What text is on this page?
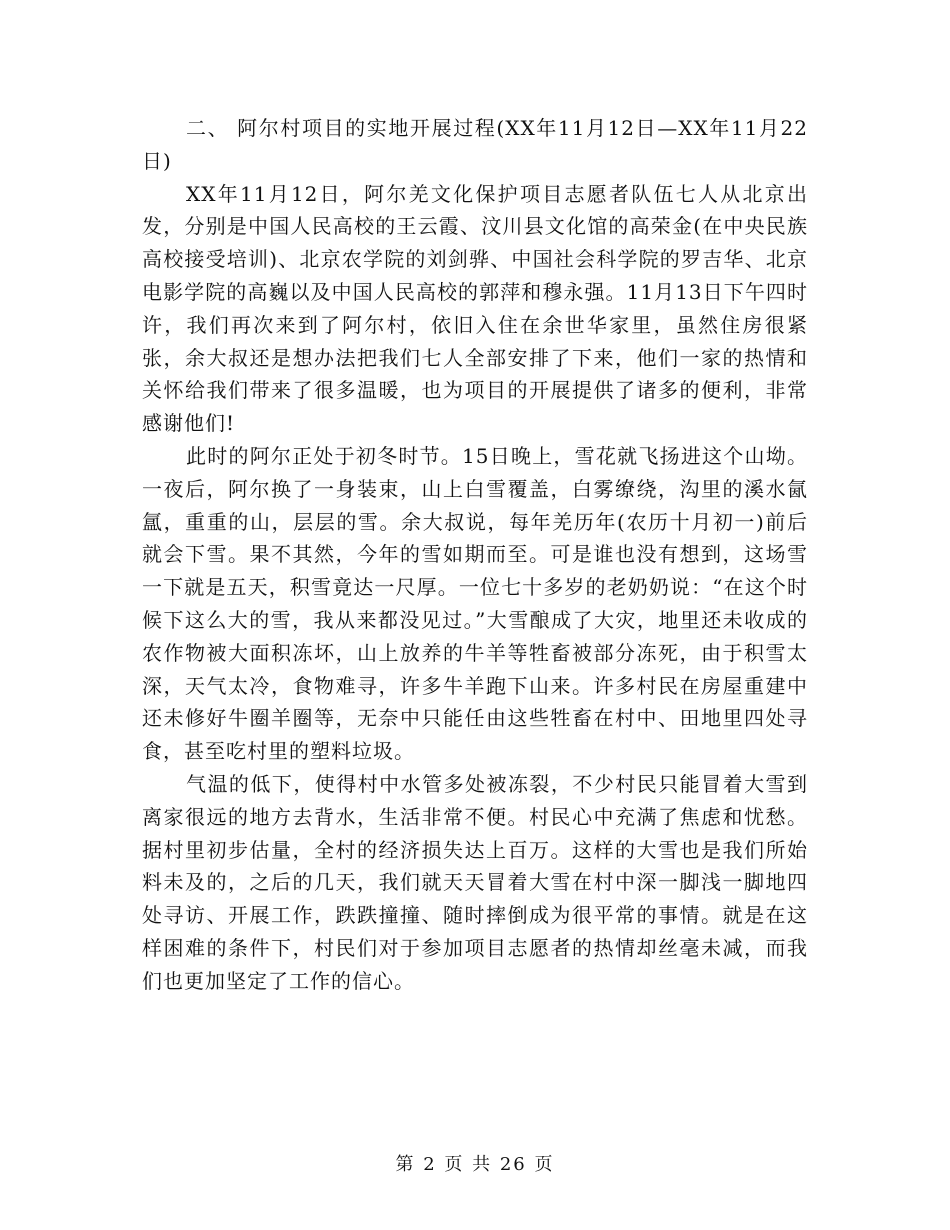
二、 阿尔村项目的实地开展过程(XX年11月12日—XX年11月22日)

XX年11月12日，阿尔羌文化保护项目志愿者队伍七人从北京出发，分别是中国人民高校的王云霞、汶川县文化馆的高荣金(在中央民族高校接受培训)、北京农学院的刘剑骅、中国社会科学院的罗吉华、北京电影学院的高巍以及中国人民高校的郭萍和穆永强。11月13日下午四时许，我们再次来到了阿尔村，依旧入住在余世华家里，虽然住房很紧张，余大叔还是想办法把我们七人全部安排了下来，他们一家的热情和关怀给我们带来了很多温暖，也为项目的开展提供了诸多的便利，非常感谢他们!

此时的阿尔正处于初冬时节。15日晚上，雪花就飞扬进这个山坳。一夜后，阿尔换了一身装束，山上白雪覆盖，白雾缭绕，沟里的溪水氤氲，重重的山，层层的雪。余大叔说，每年羌历年(农历十月初一)前后就会下雪。果不其然，今年的雪如期而至。可是谁也没有想到，这场雪一下就是五天，积雪竟达一尺厚。一位七十多岁的老奶奶说：“在这个时候下这么大的雪，我从来都没见过。”大雪酿成了大灾，地里还未收成的农作物被大面积冻坏，山上放养的牛羊等牲畜被部分冻死，由于积雪太深，天气太冷，食物难寻，许多牛羊跑下山来。许多村民在房屋重建中还未修好牛圈羊圈等，无奈中只能任由这些牲畜在村中、田地里四处寻食，甚至吃村里的塑料垃圾。

气温的低下，使得村中水管多处被冻裂，不少村民只能冒着大雪到离家很远的地方去背水，生活非常不便。村民心中充满了焦虑和忧愁。据村里初步估量，全村的经济损失达上百万。这样的大雪也是我们所始料未及的，之后的几天，我们就天天冒着大雪在村中深一脚浅一脚地四处寻访、开展工作，跌跌撞撞、随时摔倒成为很平常的事情。就是在这样困难的条件下，村民们对于参加项目志愿者的热情却丝毫未减，而我们也更加坚定了工作的信心。

第 2 页 共 26 页
